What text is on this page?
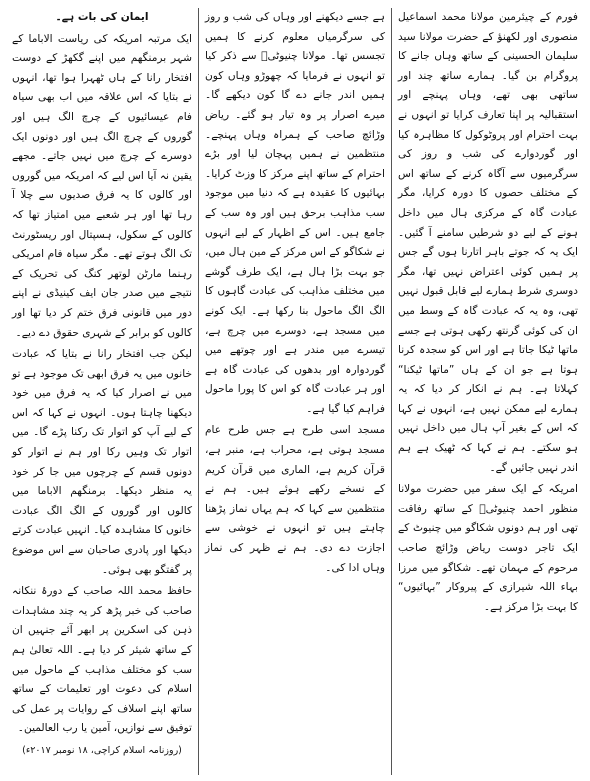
فورم کے چیئرمین مولانا محمد اسماعیل منصوری اور لکھنؤ کے حضرت مولانا سید سلیمان الحسینی کے ساتھ وہاں جانے کا پروگرام بن گیا۔ ہمارے ساتھ چند اور ساتھی بھی تھے، وہاں پہنچے اور استقبالیہ پر اپنا تعارف کرایا تو انہوں نے بہت احترام اور پروٹوکول کا مظاہرہ کیا اور گوردوارے کی شب و روز کی سرگرمیوں سے آگاہ کرنے کے ساتھ اس کے مختلف حصوں کا دورہ کرایا، مگر عبادت گاہ کے مرکزی ہال میں داخل ہونے کے لیے دو شرطیں سامنے آ گئیں۔ ایک یہ کہ جوتے باہر اتارنا ہوں گے جس پر ہمیں کوئی اعتراض نہیں تھا، مگر دوسری شرط ہمارے لیے قابل قبول نہیں تھی، وہ یہ کہ عبادت گاہ کے وسط میں ان کی کوئی گرنتھ رکھی ہوتی ہے جسے ماتھا ٹیکا جاتا ہے اور اس کو سجدہ کرنا ہوتا ہے جو ان کے ہاں ”ماتھا ٹیکنا“ کہلاتا ہے۔ ہم نے انکار کر دیا کہ یہ ہمارے لیے ممکن نہیں ہے، انہوں نے کہا کہ اس کے بغیر آپ ہال میں داخل نہیں ہو سکتے۔ ہم نے کہا کہ ٹھیک ہے ہم اندر نہیں جائیں گے۔

امریکہ کے ایک سفر میں حضرت مولانا منظور احمد چنیوٹیؒ کے ساتھ رفاقت تھی اور ہم دونوں شکاگو میں چنیوٹ کے ایک تاجر دوست ریاض وڑائچ صاحب مرحوم کے مہمان تھے۔ شکاگو میں مرزا بہاء اللہ شیرازی کے پیروکار ”بہائیوں“ کا بہت بڑا مرکز ہے۔

ہے جسے دیکھنے اور وہاں کی شب و روز کی سرگرمیاں معلوم کرنے کا ہمیں تجسس تھا۔ مولانا چنیوٹیؒ سے ذکر کیا تو انہوں نے فرمایا کہ چھوڑو وہاں کون ہمیں اندر جانے دے گا کون دیکھے گا۔ میرے اصرار پر وہ تیار ہو گئے۔ ریاض وڑائچ صاحب کے ہمراہ وہاں پہنچے۔ منتظمین نے ہمیں پہچان لیا اور بڑے احترام کے ساتھ اپنے مرکز کا وزٹ کرایا۔ بہائیوں کا عقیدہ ہے کہ دنیا میں موجود سب مذاہب برحق ہیں اور وہ سب کے جامع ہیں۔ اس کے اظہار کے لیے انہوں نے شکاگو کے اس مرکز کے مین ہال میں، جو بہت بڑا ہال ہے، ایک طرف گوشے میں مختلف مذاہب کی عبادت گاہوں کا الگ الگ ماحول بنا رکھا ہے۔ ایک کونے میں مسجد ہے، دوسرے میں چرچ ہے، تیسرے میں مندر ہے اور چوتھے میں گوردوارہ اور بدھوں کی عبادت گاہ ہے اور ہر عبادت گاہ کو اس کا پورا ماحول فراہم کیا گیا ہے۔

مسجد اسی طرح ہے جس طرح عام مسجد ہوتی ہے، محراب ہے، منبر ہے، قرآن کریم ہے، الماری میں قرآن کریم کے نسخے رکھے ہوئے ہیں۔ ہم نے منتظمین سے کہا کہ ہم یہاں نماز پڑھنا چاہتے ہیں تو انہوں نے خوشی سے اجازت دے دی۔ ہم نے ظہر کی نماز وہاں ادا کی۔

ایمان کی بات ہے۔

ایک مرتبہ امریکہ کی ریاست الاباما کے شہر برمنگھم میں اپنے گکھڑ کے دوست افتخار رانا کے ہاں ٹھہرا ہوا تھا، انہوں نے بتایا کہ اس علاقہ میں اب بھی سیاہ فام عیسائیوں کے چرچ الگ ہیں اور گوروں کے چرچ الگ ہیں اور دونوں ایک دوسرے کے چرچ میں نہیں جاتے۔ مجھے یقین نہ آیا اس لیے کہ امریکہ میں گوروں اور کالوں کا یہ فرق صدیوں سے چلا آ رہا تھا اور ہر شعبے میں امتیاز تھا کہ کالوں کے سکول، ہسپتال اور ریسٹورنٹ تک الگ ہوتے تھے۔ مگر سیاہ فام امریکی رہنما مارٹن لوتھر کنگ کی تحریک کے نتیجے میں صدر جان ایف کینیڈی نے اپنے دور میں قانونی فرق ختم کر دیا تھا اور کالوں کو برابر کے شہری حقوق دے دیے۔

لیکن جب افتخار رانا نے بتایا کہ عبادت خانوں میں یہ فرق ابھی تک موجود ہے تو میں نے اصرار کیا کہ یہ فرق میں خود دیکھنا چاہتا ہوں۔ انہوں نے کہا کہ اس کے لیے آپ کو اتوار تک رکنا پڑے گا۔ میں اتوار تک وہیں رکا اور ہم نے اتوار کو دونوں قسم کے چرچوں میں جا کر خود یہ منظر دیکھا۔ برمنگھم الاباما میں کالوں اور گوروں کے الگ الگ عبادت خانوں کا مشاہدہ کیا۔ انہیں عبادت کرتے دیکھا اور پادری صاحبان سے اس موضوع پر گفتگو بھی ہوئی۔

حافظ محمد اللہ صاحب کے دورۂ ننکانہ صاحب کی خبر پڑھ کر یہ چند مشاہدات ذہن کی اسکرین پر ابھر آئے جنہیں ان کے ساتھ شیئر کر دیا ہے۔ اللہ تعالیٰ ہم سب کو مختلف مذاہب کے ماحول میں اسلام کی دعوت اور تعلیمات کے ساتھ ساتھ اپنے اسلاف کے روایات پر عمل کی توفیق سے نوازیں، آمین یا رب العالمین۔

(روزنامہ اسلام کراچی، ۱۸ نومبر ۲۰۱۷ء)
